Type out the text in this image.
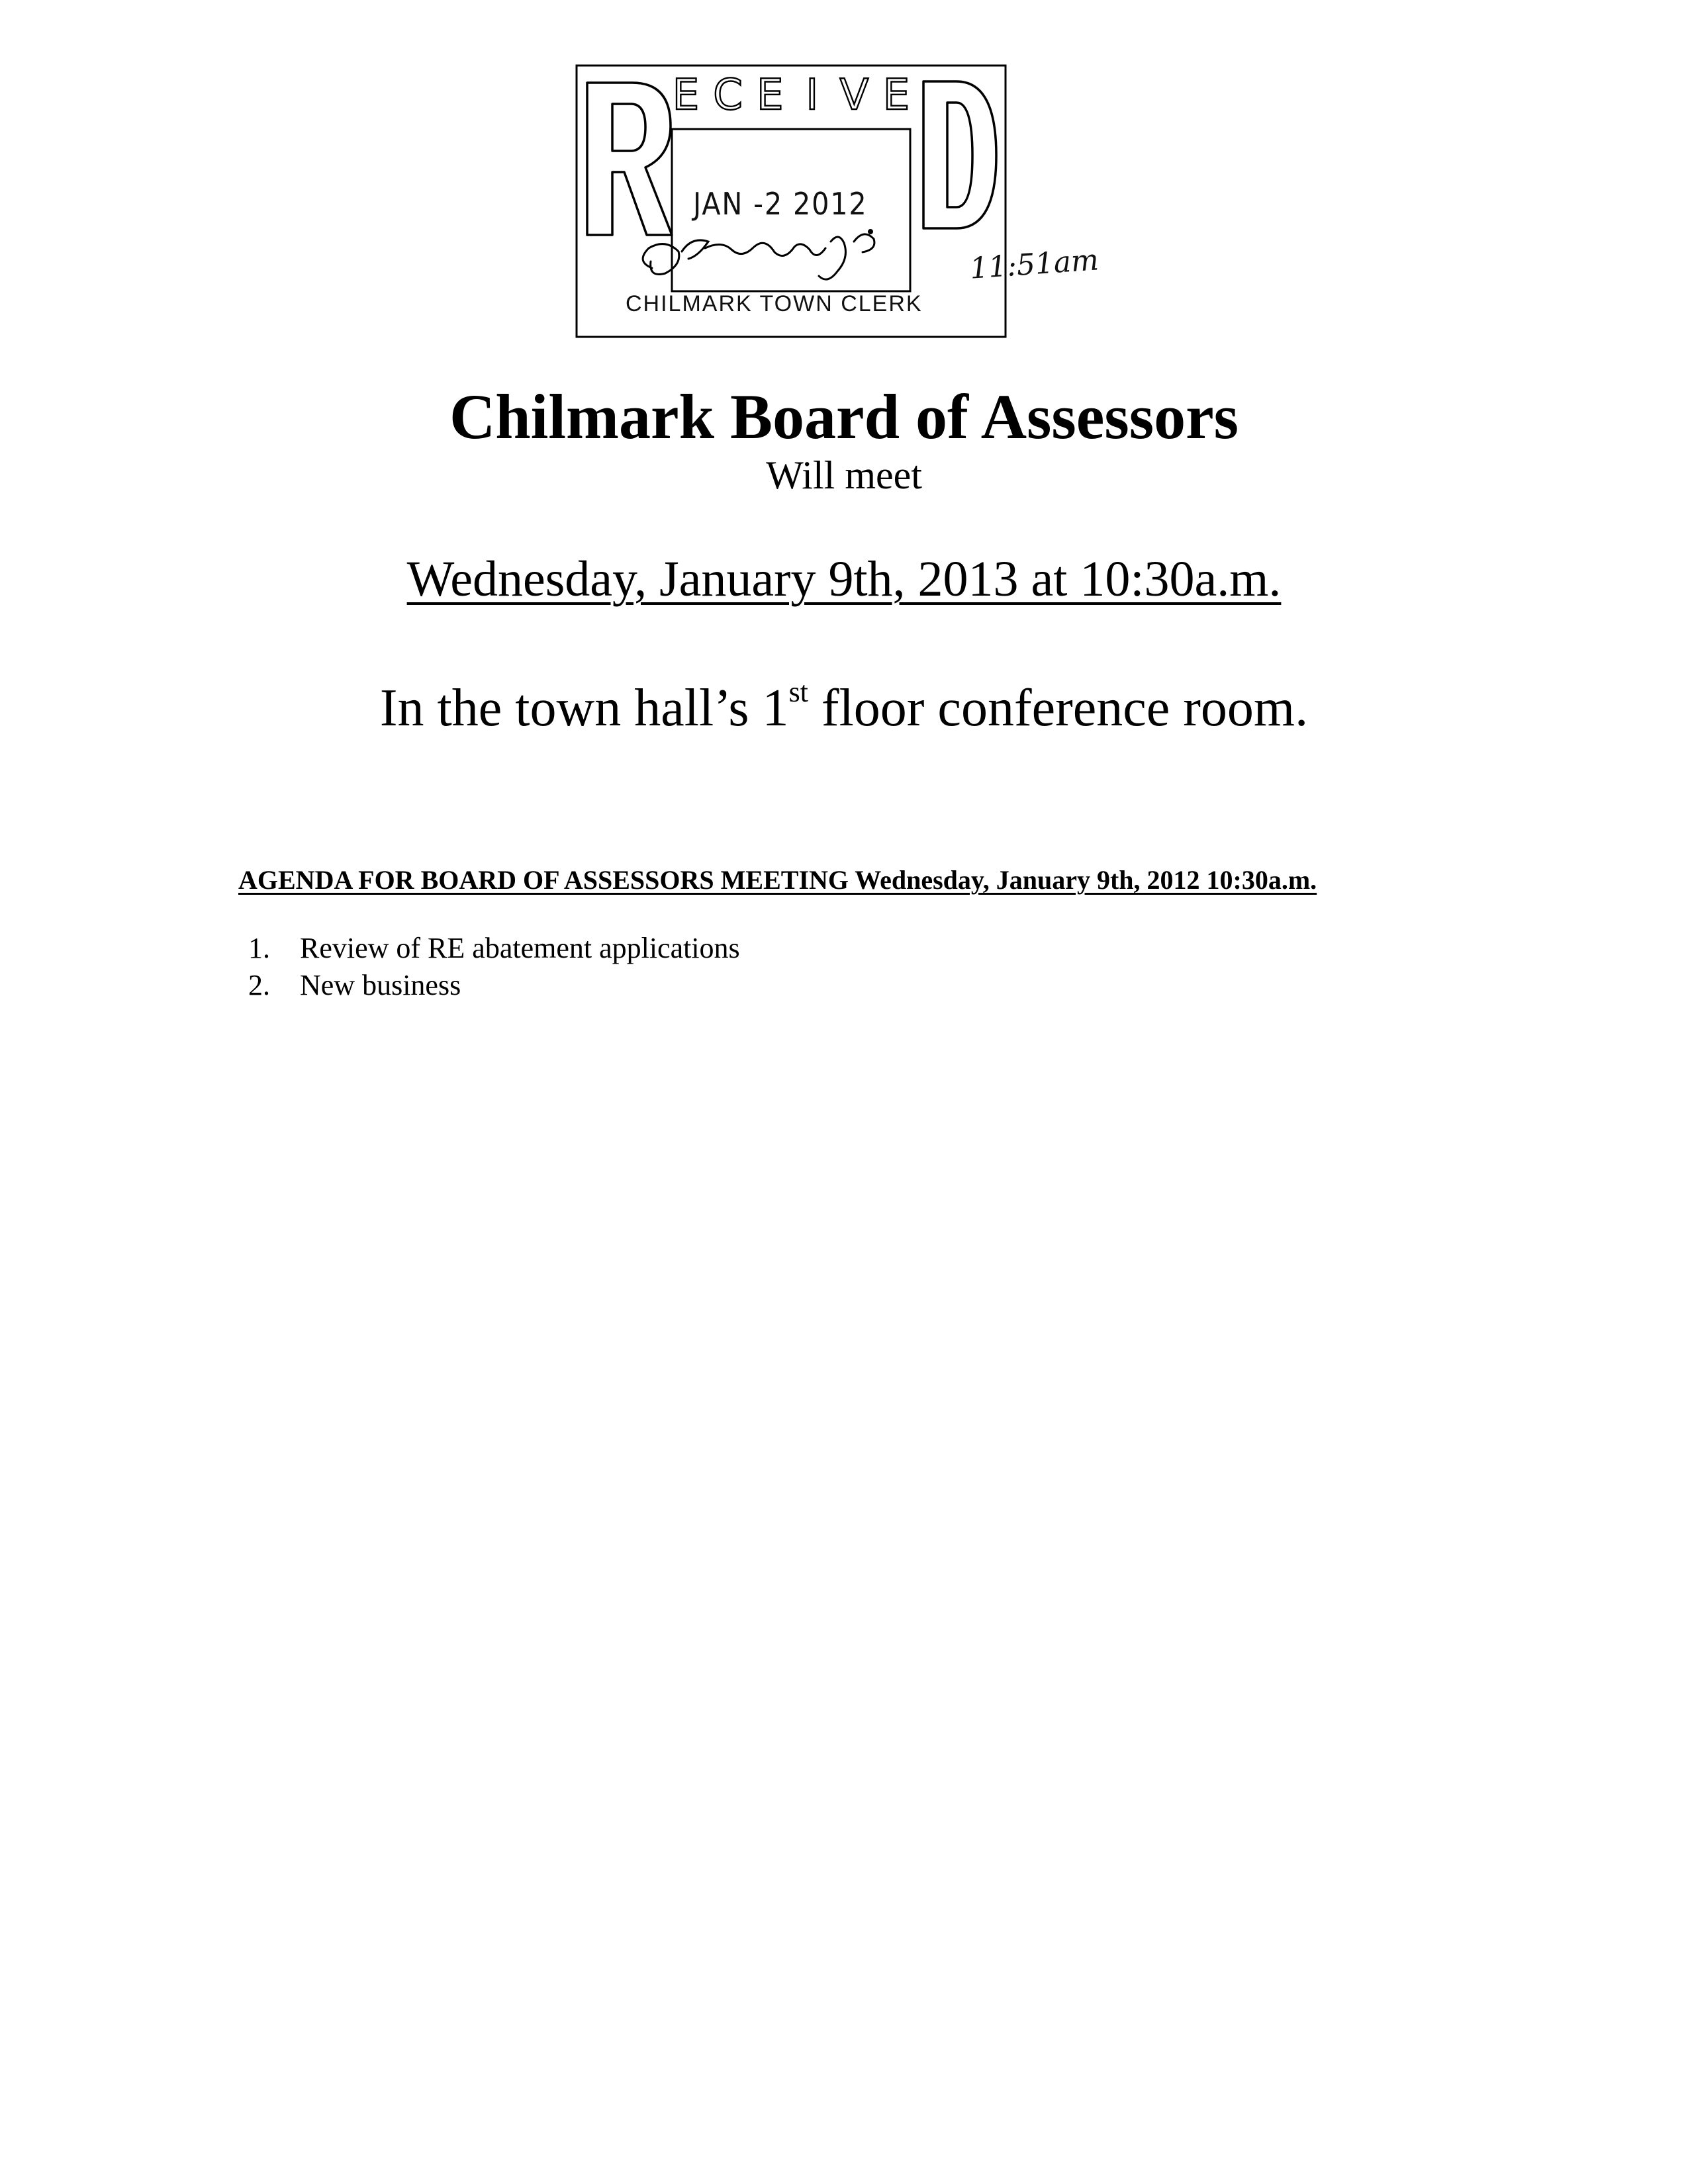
E C E I V E
JAN -2 2012
CHILMARK TOWN CLERK
11:51am
Chilmark Board of Assessors
Will meet
Wednesday, January 9th, 2013 at 10:30a.m.
In the town hall’s 1st floor conference room.
AGENDA FOR BOARD OF ASSESSORS MEETING Wednesday, January 9th, 2012 10:30a.m.
1.	Review of RE abatement applications
2.	New business
